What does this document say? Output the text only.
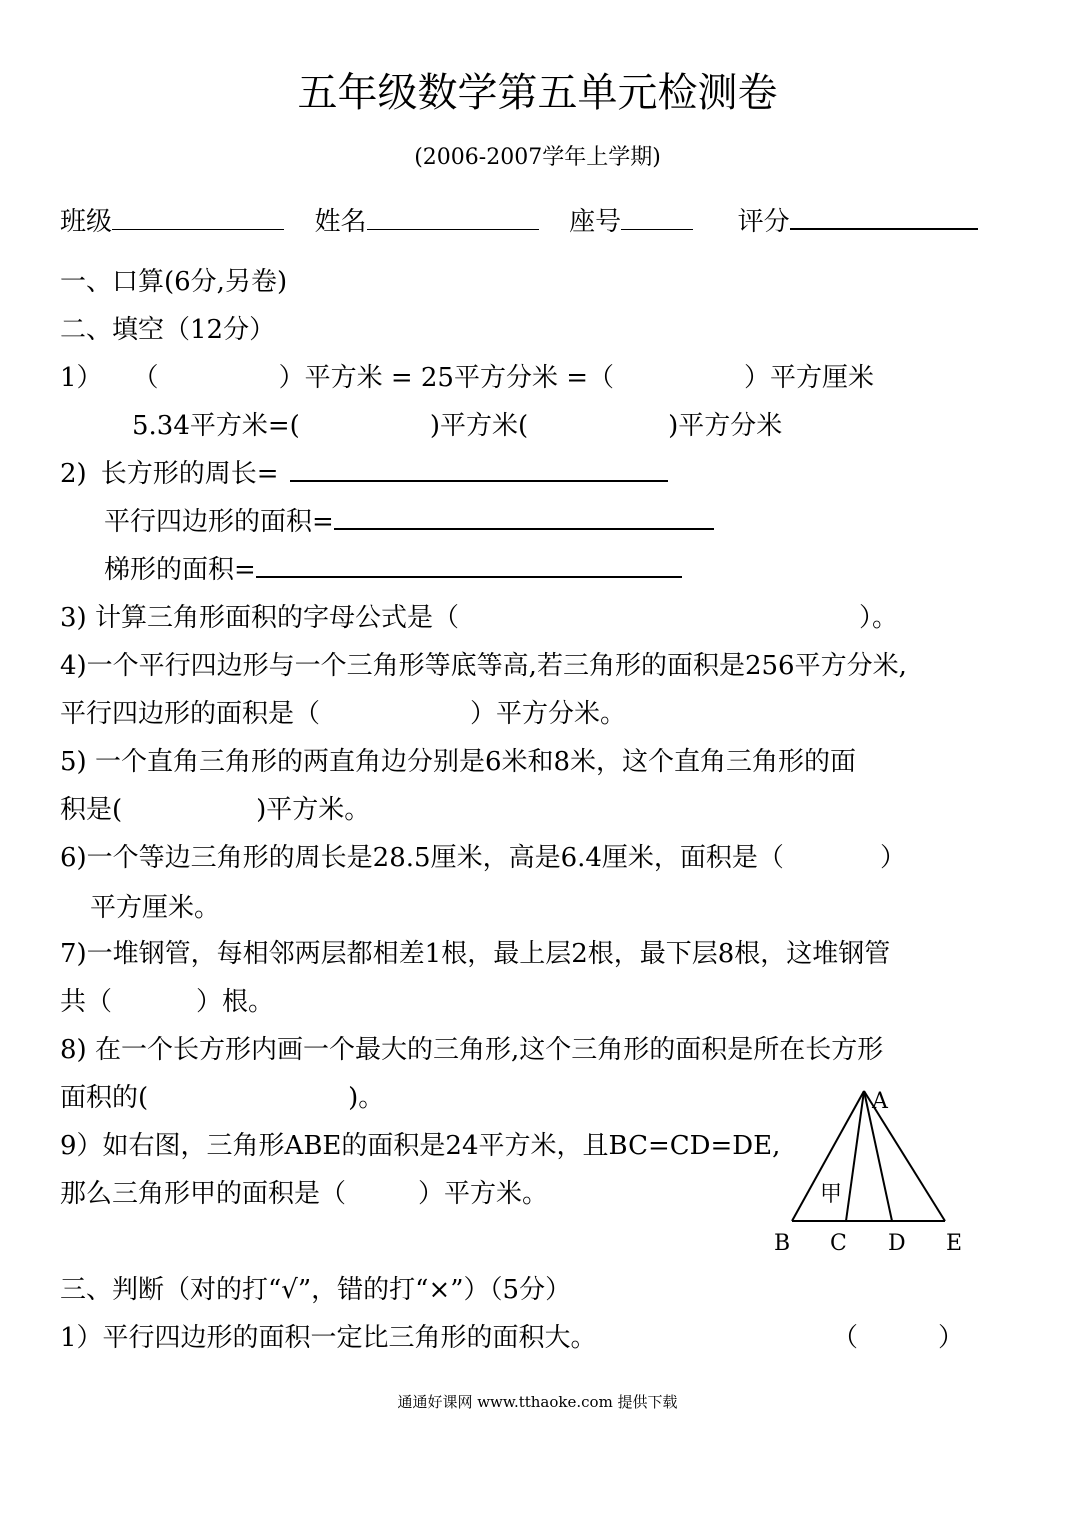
五年级数学第五单元检测卷
(2006-2007学年上学期)
班级	姓名	座号	评分
一、口算(6分,另卷)
二、填空（12分）
1） （	）平方米 = 25平方分米 =（	）平方厘米
5.34平方米=(	)平方米(	)平方分米
2) 长方形的周长=
平行四边形的面积=
梯形的面积=
3) 计算三角形面积的字母公式是（	）。
4)一个平行四边形与一个三角形等底等高,若三角形的面积是256平方分米,
平行四边形的面积是（	）平方分米。
5) 一个直角三角形的两直角边分别是6米和8米，这个直角三角形的面
积是(	)平方米。
6)一个等边三角形的周长是28.5厘米，高是6.4厘米，面积是（	）
平方厘米。
7)一堆钢管，每相邻两层都相差1根，最上层2根，最下层8根，这堆钢管
共（	）根。
8) 在一个长方形内画一个最大的三角形,这个三角形的面积是所在长方形
面积的(	)。
9）如右图，三角形ABE的面积是24平方米，且BC=CD=DE,
那么三角形甲的面积是（	）平方米。
A
B C D E
甲
三、判断（对的打“√”，错的打“×”）（5分）
1）平行四边形的面积一定比三角形的面积大。	（	）
通通好课网 www.tthaoke.com 提供下载
